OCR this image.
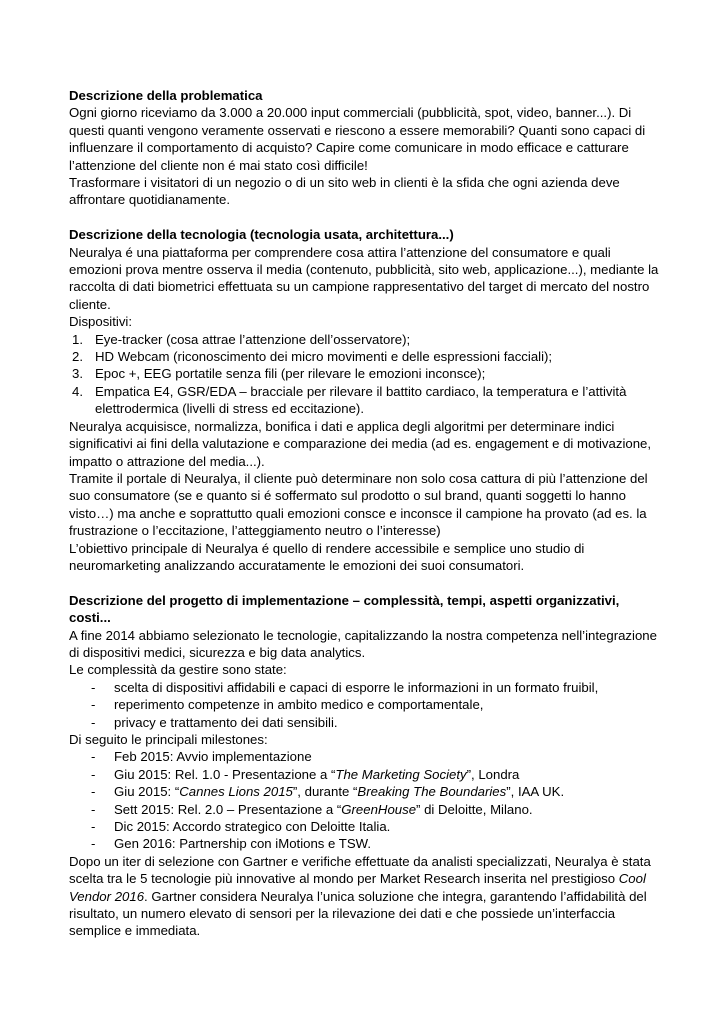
Descrizione della problematica
Ogni giorno riceviamo da 3.000 a 20.000 input commerciali (pubblicità, spot, video, banner...). Di questi quanti vengono veramente osservati e riescono a essere memorabili? Quanti sono capaci di influenzare il comportamento di acquisto? Capire come comunicare in modo efficace e catturare l’attenzione del cliente non é mai stato così difficile!
Trasformare i visitatori di un negozio o di un sito web in clienti è la sfida che ogni azienda deve affrontare quotidianamente.
Descrizione della tecnologia (tecnologia usata, architettura...)
Neuralya é una piattaforma per comprendere cosa attira l’attenzione del consumatore e quali emozioni prova mentre osserva il media (contenuto, pubblicità, sito web, applicazione...), mediante la raccolta di dati biometrici effettuata su un campione rappresentativo del target di mercato del nostro cliente.
Dispositivi:
1. Eye-tracker (cosa attrae l’attenzione dell’osservatore);
2. HD Webcam (riconoscimento dei micro movimenti e delle espressioni facciali);
3. Epoc +, EEG portatile senza fili (per rilevare le emozioni inconsce);
4. Empatica E4, GSR/EDA – bracciale per rilevare il battito cardiaco, la temperatura e l’attività elettrodermica (livelli di stress ed eccitazione).
Neuralya acquisisce, normalizza, bonifica i dati e applica degli algoritmi per determinare indici significativi ai fini della valutazione e comparazione dei media (ad es. engagement e di motivazione, impatto o attrazione del media...).
Tramite il portale di Neuralya, il cliente può determinare non solo cosa cattura di più l’attenzione del suo consumatore (se e quanto si é soffermato sul prodotto o sul brand, quanti soggetti lo hanno visto…) ma anche e soprattutto quali emozioni consce e inconsce il campione ha provato (ad es. la frustrazione o l’eccitazione, l’atteggiamento neutro o l’interesse)
L’obiettivo principale di Neuralya é quello di rendere accessibile e semplice uno studio di neuromarketing analizzando accuratamente le emozioni dei suoi consumatori.
Descrizione del progetto di implementazione – complessità, tempi, aspetti organizzativi, costi...
A fine 2014 abbiamo selezionato le tecnologie, capitalizzando la nostra competenza nell’integrazione di dispositivi medici, sicurezza e big data analytics.
Le complessità da gestire sono state:
- scelta di dispositivi affidabili e capaci di esporre le informazioni in un formato fruibil,
- reperimento competenze in ambito medico e comportamentale,
- privacy e trattamento dei dati sensibili.
Di seguito le principali milestones:
- Feb 2015: Avvio implementazione
- Giu 2015: Rel. 1.0 - Presentazione a “The Marketing Society”, Londra
- Giu 2015: “Cannes Lions 2015”, durante “Breaking The Boundaries”, IAA UK.
- Sett 2015: Rel. 2.0 – Presentazione a “GreenHouse” di Deloitte, Milano.
- Dic 2015: Accordo strategico con Deloitte Italia.
- Gen 2016: Partnership con iMotions e TSW.
Dopo un iter di selezione con Gartner e verifiche effettuate da analisti specializzati, Neuralya è stata scelta tra le 5 tecnologie più innovative al mondo per Market Research inserita nel prestigioso Cool Vendor 2016. Gartner considera Neuralya l’unica soluzione che integra, garantendo l’affidabilità del risultato, un numero elevato di sensori per la rilevazione dei dati e che possiede un’interfaccia semplice e immediata.
